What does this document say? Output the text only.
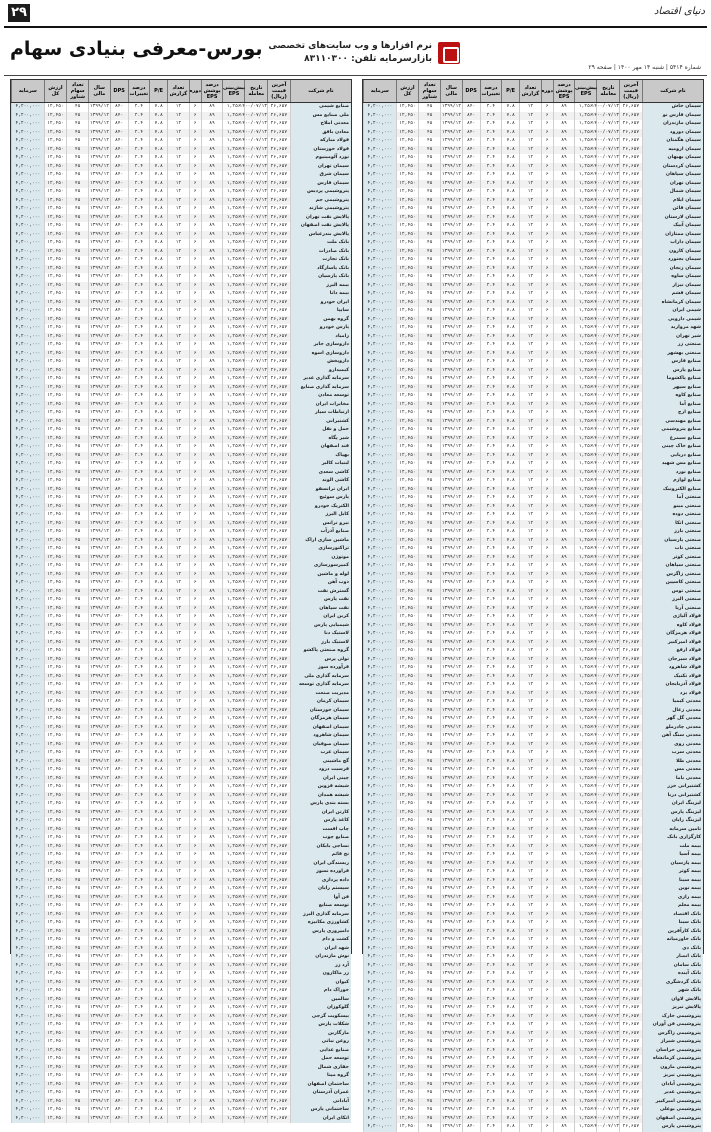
دنیای اقتصاد
۲۹
بورس-معرفی بنیادی سهام نرم افزارها و وب سایت‌های تخصصی
بازارسرمایه تلفن: ۸۳۱۱۰۳۰۰
شماره ۵۴۱۴ | شنبه ۱۴ مهر ۱۴۰۰ | صفحه ۲۹
نام شرکت
آخرین قیمت (ریال)
تاریخ معامله
پیش‌بینی EPS
درصد پوشش EPS
دوره
تعداد گزارش
P/E
درصد تغییرات
DPS
سال مالی
تعداد سهام شناور
ارزش کل
سرمایه
صنایع شیمی
۲۶,۶۵۷
۱۴۰۰/۰۷/۱۳
۱,۲۵۶
۸۹
۶
۱۲
۷.۸
۲.۴
۸۴۰
۱۳۹۹/۱۲
۴۵
۱۲,۴۵۰
۴,۲۰۰,۰۰۰
ملی صنایع مس
۲۶,۶۵۷
۱۴۰۰/۰۷/۱۳
۱,۲۵۶
۸۹
۶
۱۲
۷.۸
۲.۴
۸۴۰
۱۳۹۹/۱۲
۴۵
۱۲,۴۵۰
۴,۲۰۰,۰۰۰
معدنی املاح
۲۶,۶۵۷
۱۴۰۰/۰۷/۱۳
۱,۲۵۶
۸۹
۶
۱۲
۷.۸
۲.۴
۸۴۰
۱۳۹۹/۱۲
۴۵
۱۲,۴۵۰
۴,۲۰۰,۰۰۰
معادن بافق
۲۶,۶۵۷
۱۴۰۰/۰۷/۱۳
۱,۲۵۶
۸۹
۶
۱۲
۷.۸
۲.۴
۸۴۰
۱۳۹۹/۱۲
۴۵
۱۲,۴۵۰
۴,۲۰۰,۰۰۰
فولاد مبارکه
۲۶,۶۵۷
۱۴۰۰/۰۷/۱۳
۱,۲۵۶
۸۹
۶
۱۲
۷.۸
۲.۴
۸۴۰
۱۳۹۹/۱۲
۴۵
۱۲,۴۵۰
۴,۲۰۰,۰۰۰
فولاد خوزستان
۲۶,۶۵۷
۱۴۰۰/۰۷/۱۳
۱,۲۵۶
۸۹
۶
۱۲
۷.۸
۲.۴
۸۴۰
۱۳۹۹/۱۲
۴۵
۱۲,۴۵۰
۴,۲۰۰,۰۰۰
نورد آلومینیوم
۲۶,۶۵۷
۱۴۰۰/۰۷/۱۳
۱,۲۵۶
۸۹
۶
۱۲
۷.۸
۲.۴
۸۴۰
۱۳۹۹/۱۲
۴۵
۱۲,۴۵۰
۴,۲۰۰,۰۰۰
سیمان تهران
۲۶,۶۵۷
۱۴۰۰/۰۷/۱۳
۱,۲۵۶
۸۹
۶
۱۲
۷.۸
۲.۴
۸۴۰
۱۳۹۹/۱۲
۴۵
۱۲,۴۵۰
۴,۲۰۰,۰۰۰
سیمان شرق
۲۶,۶۵۷
۱۴۰۰/۰۷/۱۳
۱,۲۵۶
۸۹
۶
۱۲
۷.۸
۲.۴
۸۴۰
۱۳۹۹/۱۲
۴۵
۱۲,۴۵۰
۴,۲۰۰,۰۰۰
سیمان فارس
۲۶,۶۵۷
۱۴۰۰/۰۷/۱۳
۱,۲۵۶
۸۹
۶
۱۲
۷.۸
۲.۴
۸۴۰
۱۳۹۹/۱۲
۴۵
۱۲,۴۵۰
۴,۲۰۰,۰۰۰
پتروشیمی پردیس
۲۶,۶۵۷
۱۴۰۰/۰۷/۱۳
۱,۲۵۶
۸۹
۶
۱۲
۷.۸
۲.۴
۸۴۰
۱۳۹۹/۱۲
۴۵
۱۲,۴۵۰
۴,۲۰۰,۰۰۰
پتروشیمی جم
۲۶,۶۵۷
۱۴۰۰/۰۷/۱۳
۱,۲۵۶
۸۹
۶
۱۲
۷.۸
۲.۴
۸۴۰
۱۳۹۹/۱۲
۴۵
۱۲,۴۵۰
۴,۲۰۰,۰۰۰
پتروشیمی شازند
۲۶,۶۵۷
۱۴۰۰/۰۷/۱۳
۱,۲۵۶
۸۹
۶
۱۲
۷.۸
۲.۴
۸۴۰
۱۳۹۹/۱۲
۴۵
۱۲,۴۵۰
۴,۲۰۰,۰۰۰
پالایش نفت تهران
۲۶,۶۵۷
۱۴۰۰/۰۷/۱۳
۱,۲۵۶
۸۹
۶
۱۲
۷.۸
۲.۴
۸۴۰
۱۳۹۹/۱۲
۴۵
۱۲,۴۵۰
۴,۲۰۰,۰۰۰
پالایش نفت اصفهان
۲۶,۶۵۷
۱۴۰۰/۰۷/۱۳
۱,۲۵۶
۸۹
۶
۱۲
۷.۸
۲.۴
۸۴۰
۱۳۹۹/۱۲
۴۵
۱۲,۴۵۰
۴,۲۰۰,۰۰۰
پالایش بندرعباس
۲۶,۶۵۷
۱۴۰۰/۰۷/۱۳
۱,۲۵۶
۸۹
۶
۱۲
۷.۸
۲.۴
۸۴۰
۱۳۹۹/۱۲
۴۵
۱۲,۴۵۰
۴,۲۰۰,۰۰۰
بانک ملت
۲۶,۶۵۷
۱۴۰۰/۰۷/۱۳
۱,۲۵۶
۸۹
۶
۱۲
۷.۸
۲.۴
۸۴۰
۱۳۹۹/۱۲
۴۵
۱۲,۴۵۰
۴,۲۰۰,۰۰۰
بانک صادرات
۲۶,۶۵۷
۱۴۰۰/۰۷/۱۳
۱,۲۵۶
۸۹
۶
۱۲
۷.۸
۲.۴
۸۴۰
۱۳۹۹/۱۲
۴۵
۱۲,۴۵۰
۴,۲۰۰,۰۰۰
بانک تجارت
۲۶,۶۵۷
۱۴۰۰/۰۷/۱۳
۱,۲۵۶
۸۹
۶
۱۲
۷.۸
۲.۴
۸۴۰
۱۳۹۹/۱۲
۴۵
۱۲,۴۵۰
۴,۲۰۰,۰۰۰
بانک پاسارگاد
۲۶,۶۵۷
۱۴۰۰/۰۷/۱۳
۱,۲۵۶
۸۹
۶
۱۲
۷.۸
۲.۴
۸۴۰
۱۳۹۹/۱۲
۴۵
۱۲,۴۵۰
۴,۲۰۰,۰۰۰
بانک پارسیان
۲۶,۶۵۷
۱۴۰۰/۰۷/۱۳
۱,۲۵۶
۸۹
۶
۱۲
۷.۸
۲.۴
۸۴۰
۱۳۹۹/۱۲
۴۵
۱۲,۴۵۰
۴,۲۰۰,۰۰۰
بیمه البرز
۲۶,۶۵۷
۱۴۰۰/۰۷/۱۳
۱,۲۵۶
۸۹
۶
۱۲
۷.۸
۲.۴
۸۴۰
۱۳۹۹/۱۲
۴۵
۱۲,۴۵۰
۴,۲۰۰,۰۰۰
بیمه دانا
۲۶,۶۵۷
۱۴۰۰/۰۷/۱۳
۱,۲۵۶
۸۹
۶
۱۲
۷.۸
۲.۴
۸۴۰
۱۳۹۹/۱۲
۴۵
۱۲,۴۵۰
۴,۲۰۰,۰۰۰
ایران خودرو
۲۶,۶۵۷
۱۴۰۰/۰۷/۱۳
۱,۲۵۶
۸۹
۶
۱۲
۷.۸
۲.۴
۸۴۰
۱۳۹۹/۱۲
۴۵
۱۲,۴۵۰
۴,۲۰۰,۰۰۰
سایپا
۲۶,۶۵۷
۱۴۰۰/۰۷/۱۳
۱,۲۵۶
۸۹
۶
۱۲
۷.۸
۲.۴
۸۴۰
۱۳۹۹/۱۲
۴۵
۱۲,۴۵۰
۴,۲۰۰,۰۰۰
گروه بهمن
۲۶,۶۵۷
۱۴۰۰/۰۷/۱۳
۱,۲۵۶
۸۹
۶
۱۲
۷.۸
۲.۴
۸۴۰
۱۳۹۹/۱۲
۴۵
۱۲,۴۵۰
۴,۲۰۰,۰۰۰
پارس خودرو
۲۶,۶۵۷
۱۴۰۰/۰۷/۱۳
۱,۲۵۶
۸۹
۶
۱۲
۷.۸
۲.۴
۸۴۰
۱۳۹۹/۱۲
۴۵
۱۲,۴۵۰
۴,۲۰۰,۰۰۰
زامیاد
۲۶,۶۵۷
۱۴۰۰/۰۷/۱۳
۱,۲۵۶
۸۹
۶
۱۲
۷.۸
۲.۴
۸۴۰
۱۳۹۹/۱۲
۴۵
۱۲,۴۵۰
۴,۲۰۰,۰۰۰
داروسازی جابر
۲۶,۶۵۷
۱۴۰۰/۰۷/۱۳
۱,۲۵۶
۸۹
۶
۱۲
۷.۸
۲.۴
۸۴۰
۱۳۹۹/۱۲
۴۵
۱۲,۴۵۰
۴,۲۰۰,۰۰۰
داروسازی اسوه
۲۶,۶۵۷
۱۴۰۰/۰۷/۱۳
۱,۲۵۶
۸۹
۶
۱۲
۷.۸
۲.۴
۸۴۰
۱۳۹۹/۱۲
۴۵
۱۲,۴۵۰
۴,۲۰۰,۰۰۰
داروپخش
۲۶,۶۵۷
۱۴۰۰/۰۷/۱۳
۱,۲۵۶
۸۹
۶
۱۲
۷.۸
۲.۴
۸۴۰
۱۳۹۹/۱۲
۴۵
۱۲,۴۵۰
۴,۲۰۰,۰۰۰
کیمیدارو
۲۶,۶۵۷
۱۴۰۰/۰۷/۱۳
۱,۲۵۶
۸۹
۶
۱۲
۷.۸
۲.۴
۸۴۰
۱۳۹۹/۱۲
۴۵
۱۲,۴۵۰
۴,۲۰۰,۰۰۰
سرمایه گذاری غدیر
۲۶,۶۵۷
۱۴۰۰/۰۷/۱۳
۱,۲۵۶
۸۹
۶
۱۲
۷.۸
۲.۴
۸۴۰
۱۳۹۹/۱۲
۴۵
۱۲,۴۵۰
۴,۲۰۰,۰۰۰
سرمایه گذاری صنایع
۲۶,۶۵۷
۱۴۰۰/۰۷/۱۳
۱,۲۵۶
۸۹
۶
۱۲
۷.۸
۲.۴
۸۴۰
۱۳۹۹/۱۲
۴۵
۱۲,۴۵۰
۴,۲۰۰,۰۰۰
توسعه معادن
۲۶,۶۵۷
۱۴۰۰/۰۷/۱۳
۱,۲۵۶
۸۹
۶
۱۲
۷.۸
۲.۴
۸۴۰
۱۳۹۹/۱۲
۴۵
۱۲,۴۵۰
۴,۲۰۰,۰۰۰
مخابرات ایران
۲۶,۶۵۷
۱۴۰۰/۰۷/۱۳
۱,۲۵۶
۸۹
۶
۱۲
۷.۸
۲.۴
۸۴۰
۱۳۹۹/۱۲
۴۵
۱۲,۴۵۰
۴,۲۰۰,۰۰۰
ارتباطات سیار
۲۶,۶۵۷
۱۴۰۰/۰۷/۱۳
۱,۲۵۶
۸۹
۶
۱۲
۷.۸
۲.۴
۸۴۰
۱۳۹۹/۱۲
۴۵
۱۲,۴۵۰
۴,۲۰۰,۰۰۰
کشتیرانی
۲۶,۶۵۷
۱۴۰۰/۰۷/۱۳
۱,۲۵۶
۸۹
۶
۱۲
۷.۸
۲.۴
۸۴۰
۱۳۹۹/۱۲
۴۵
۱۲,۴۵۰
۴,۲۰۰,۰۰۰
حمل و نقل
۲۶,۶۵۷
۱۴۰۰/۰۷/۱۳
۱,۲۵۶
۸۹
۶
۱۲
۷.۸
۲.۴
۸۴۰
۱۳۹۹/۱۲
۴۵
۱۲,۴۵۰
۴,۲۰۰,۰۰۰
شیر پگاه
۲۶,۶۵۷
۱۴۰۰/۰۷/۱۳
۱,۲۵۶
۸۹
۶
۱۲
۷.۸
۲.۴
۸۴۰
۱۳۹۹/۱۲
۴۵
۱۲,۴۵۰
۴,۲۰۰,۰۰۰
قند اصفهان
۲۶,۶۵۷
۱۴۰۰/۰۷/۱۳
۱,۲۵۶
۸۹
۶
۱۲
۷.۸
۲.۴
۸۴۰
۱۳۹۹/۱۲
۴۵
۱۲,۴۵۰
۴,۲۰۰,۰۰۰
بهپاک
۲۶,۶۵۷
۱۴۰۰/۰۷/۱۳
۱,۲۵۶
۸۹
۶
۱۲
۷.۸
۲.۴
۸۴۰
۱۳۹۹/۱۲
۴۵
۱۲,۴۵۰
۴,۲۰۰,۰۰۰
لبنیات کالبر
۲۶,۶۵۷
۱۴۰۰/۰۷/۱۳
۱,۲۵۶
۸۹
۶
۱۲
۷.۸
۲.۴
۸۴۰
۱۳۹۹/۱۲
۴۵
۱۲,۴۵۰
۴,۲۰۰,۰۰۰
کاشی سعدی
۲۶,۶۵۷
۱۴۰۰/۰۷/۱۳
۱,۲۵۶
۸۹
۶
۱۲
۷.۸
۲.۴
۸۴۰
۱۳۹۹/۱۲
۴۵
۱۲,۴۵۰
۴,۲۰۰,۰۰۰
کاشی الوند
۲۶,۶۵۷
۱۴۰۰/۰۷/۱۳
۱,۲۵۶
۸۹
۶
۱۲
۷.۸
۲.۴
۸۴۰
۱۳۹۹/۱۲
۴۵
۱۲,۴۵۰
۴,۲۰۰,۰۰۰
ایران ترانسفو
۲۶,۶۵۷
۱۴۰۰/۰۷/۱۳
۱,۲۵۶
۸۹
۶
۱۲
۷.۸
۲.۴
۸۴۰
۱۳۹۹/۱۲
۴۵
۱۲,۴۵۰
۴,۲۰۰,۰۰۰
پارس سوئیچ
۲۶,۶۵۷
۱۴۰۰/۰۷/۱۳
۱,۲۵۶
۸۹
۶
۱۲
۷.۸
۲.۴
۸۴۰
۱۳۹۹/۱۲
۴۵
۱۲,۴۵۰
۴,۲۰۰,۰۰۰
الکتریک خودرو
۲۶,۶۵۷
۱۴۰۰/۰۷/۱۳
۱,۲۵۶
۸۹
۶
۱۲
۷.۸
۲.۴
۸۴۰
۱۳۹۹/۱۲
۴۵
۱۲,۴۵۰
۴,۲۰۰,۰۰۰
کابل البرز
۲۶,۶۵۷
۱۴۰۰/۰۷/۱۳
۱,۲۵۶
۸۹
۶
۱۲
۷.۸
۲.۴
۸۴۰
۱۳۹۹/۱۲
۴۵
۱۲,۴۵۰
۴,۲۰۰,۰۰۰
نیرو ترانس
۲۶,۶۵۷
۱۴۰۰/۰۷/۱۳
۱,۲۵۶
۸۹
۶
۱۲
۷.۸
۲.۴
۸۴۰
۱۳۹۹/۱۲
۴۵
۱۲,۴۵۰
۴,۲۰۰,۰۰۰
صنایع آذرآب
۲۶,۶۵۷
۱۴۰۰/۰۷/۱۳
۱,۲۵۶
۸۹
۶
۱۲
۷.۸
۲.۴
۸۴۰
۱۳۹۹/۱۲
۴۵
۱۲,۴۵۰
۴,۲۰۰,۰۰۰
ماشین سازی اراک
۲۶,۶۵۷
۱۴۰۰/۰۷/۱۳
۱,۲۵۶
۸۹
۶
۱۲
۷.۸
۲.۴
۸۴۰
۱۳۹۹/۱۲
۴۵
۱۲,۴۵۰
۴,۲۰۰,۰۰۰
تراکتورسازی
۲۶,۶۵۷
۱۴۰۰/۰۷/۱۳
۱,۲۵۶
۸۹
۶
۱۲
۷.۸
۲.۴
۸۴۰
۱۳۹۹/۱۲
۴۵
۱۲,۴۵۰
۴,۲۰۰,۰۰۰
موتوژن
۲۶,۶۵۷
۱۴۰۰/۰۷/۱۳
۱,۲۵۶
۸۹
۶
۱۲
۷.۸
۲.۴
۸۴۰
۱۳۹۹/۱۲
۴۵
۱۲,۴۵۰
۴,۲۰۰,۰۰۰
کمپرسورسازی
۲۶,۶۵۷
۱۴۰۰/۰۷/۱۳
۱,۲۵۶
۸۹
۶
۱۲
۷.۸
۲.۴
۸۴۰
۱۳۹۹/۱۲
۴۵
۱۲,۴۵۰
۴,۲۰۰,۰۰۰
لوله و ماشین
۲۶,۶۵۷
۱۴۰۰/۰۷/۱۳
۱,۲۵۶
۸۹
۶
۱۲
۷.۸
۲.۴
۸۴۰
۱۳۹۹/۱۲
۴۵
۱۲,۴۵۰
۴,۲۰۰,۰۰۰
ذوب آهن
۲۶,۶۵۷
۱۴۰۰/۰۷/۱۳
۱,۲۵۶
۸۹
۶
۱۲
۷.۸
۲.۴
۸۴۰
۱۳۹۹/۱۲
۴۵
۱۲,۴۵۰
۴,۲۰۰,۰۰۰
گسترش نفت
۲۶,۶۵۷
۱۴۰۰/۰۷/۱۳
۱,۲۵۶
۸۹
۶
۱۲
۷.۸
۲.۴
۸۴۰
۱۳۹۹/۱۲
۴۵
۱۲,۴۵۰
۴,۲۰۰,۰۰۰
نفت پارس
۲۶,۶۵۷
۱۴۰۰/۰۷/۱۳
۱,۲۵۶
۸۹
۶
۱۲
۷.۸
۲.۴
۸۴۰
۱۳۹۹/۱۲
۴۵
۱۲,۴۵۰
۴,۲۰۰,۰۰۰
نفت سپاهان
۲۶,۶۵۷
۱۴۰۰/۰۷/۱۳
۱,۲۵۶
۸۹
۶
۱۲
۷.۸
۲.۴
۸۴۰
۱۳۹۹/۱۲
۴۵
۱۲,۴۵۰
۴,۲۰۰,۰۰۰
کربن ایران
۲۶,۶۵۷
۱۴۰۰/۰۷/۱۳
۱,۲۵۶
۸۹
۶
۱۲
۷.۸
۲.۴
۸۴۰
۱۳۹۹/۱۲
۴۵
۱۲,۴۵۰
۴,۲۰۰,۰۰۰
شیمیایی پارس
۲۶,۶۵۷
۱۴۰۰/۰۷/۱۳
۱,۲۵۶
۸۹
۶
۱۲
۷.۸
۲.۴
۸۴۰
۱۳۹۹/۱۲
۴۵
۱۲,۴۵۰
۴,۲۰۰,۰۰۰
لاستیک دنا
۲۶,۶۵۷
۱۴۰۰/۰۷/۱۳
۱,۲۵۶
۸۹
۶
۱۲
۷.۸
۲.۴
۸۴۰
۱۳۹۹/۱۲
۴۵
۱۲,۴۵۰
۴,۲۰۰,۰۰۰
لاستیک بارز
۲۶,۶۵۷
۱۴۰۰/۰۷/۱۳
۱,۲۵۶
۸۹
۶
۱۲
۷.۸
۲.۴
۸۴۰
۱۳۹۹/۱۲
۴۵
۱۲,۴۵۰
۴,۲۰۰,۰۰۰
گروه صنعتی پاکشو
۲۶,۶۵۷
۱۴۰۰/۰۷/۱۳
۱,۲۵۶
۸۹
۶
۱۲
۷.۸
۲.۴
۸۴۰
۱۳۹۹/۱۲
۴۵
۱۲,۴۵۰
۴,۲۰۰,۰۰۰
تولی پرس
۲۶,۶۵۷
۱۴۰۰/۰۷/۱۳
۱,۲۵۶
۸۹
۶
۱۲
۷.۸
۲.۴
۸۴۰
۱۳۹۹/۱۲
۴۵
۱۲,۴۵۰
۴,۲۰۰,۰۰۰
فرآورده سوز
۲۶,۶۵۷
۱۴۰۰/۰۷/۱۳
۱,۲۵۶
۸۹
۶
۱۲
۷.۸
۲.۴
۸۴۰
۱۳۹۹/۱۲
۴۵
۱۲,۴۵۰
۴,۲۰۰,۰۰۰
سرمایه گذاری ملی
۲۶,۶۵۷
۱۴۰۰/۰۷/۱۳
۱,۲۵۶
۸۹
۶
۱۲
۷.۸
۲.۴
۸۴۰
۱۳۹۹/۱۲
۴۵
۱۲,۴۵۰
۴,۲۰۰,۰۰۰
سرمایه گذاری توسعه
۲۶,۶۵۷
۱۴۰۰/۰۷/۱۳
۱,۲۵۶
۸۹
۶
۱۲
۷.۸
۲.۴
۸۴۰
۱۳۹۹/۱۲
۴۵
۱۲,۴۵۰
۴,۲۰۰,۰۰۰
مدیریت صنعت
۲۶,۶۵۷
۱۴۰۰/۰۷/۱۳
۱,۲۵۶
۸۹
۶
۱۲
۷.۸
۲.۴
۸۴۰
۱۳۹۹/۱۲
۴۵
۱۲,۴۵۰
۴,۲۰۰,۰۰۰
سیمان کرمان
۲۶,۶۵۷
۱۴۰۰/۰۷/۱۳
۱,۲۵۶
۸۹
۶
۱۲
۷.۸
۲.۴
۸۴۰
۱۳۹۹/۱۲
۴۵
۱۲,۴۵۰
۴,۲۰۰,۰۰۰
سیمان خوزستان
۲۶,۶۵۷
۱۴۰۰/۰۷/۱۳
۱,۲۵۶
۸۹
۶
۱۲
۷.۸
۲.۴
۸۴۰
۱۳۹۹/۱۲
۴۵
۱۲,۴۵۰
۴,۲۰۰,۰۰۰
سیمان هرمزگان
۲۶,۶۵۷
۱۴۰۰/۰۷/۱۳
۱,۲۵۶
۸۹
۶
۱۲
۷.۸
۲.۴
۸۴۰
۱۳۹۹/۱۲
۴۵
۱۲,۴۵۰
۴,۲۰۰,۰۰۰
سیمان اصفهان
۲۶,۶۵۷
۱۴۰۰/۰۷/۱۳
۱,۲۵۶
۸۹
۶
۱۲
۷.۸
۲.۴
۸۴۰
۱۳۹۹/۱۲
۴۵
۱۲,۴۵۰
۴,۲۰۰,۰۰۰
سیمان شاهرود
۲۶,۶۵۷
۱۴۰۰/۰۷/۱۳
۱,۲۵۶
۸۹
۶
۱۲
۷.۸
۲.۴
۸۴۰
۱۳۹۹/۱۲
۴۵
۱۲,۴۵۰
۴,۲۰۰,۰۰۰
سیمان صوفیان
۲۶,۶۵۷
۱۴۰۰/۰۷/۱۳
۱,۲۵۶
۸۹
۶
۱۲
۷.۸
۲.۴
۸۴۰
۱۳۹۹/۱۲
۴۵
۱۲,۴۵۰
۴,۲۰۰,۰۰۰
سیمان غرب
۲۶,۶۵۷
۱۴۰۰/۰۷/۱۳
۱,۲۵۶
۸۹
۶
۱۲
۷.۸
۲.۴
۸۴۰
۱۳۹۹/۱۲
۴۵
۱۲,۴۵۰
۴,۲۰۰,۰۰۰
گچ ماشینی
۲۶,۶۵۷
۱۴۰۰/۰۷/۱۳
۱,۲۵۶
۸۹
۶
۱۲
۷.۸
۲.۴
۸۴۰
۱۳۹۹/۱۲
۴۵
۱۲,۴۵۰
۴,۲۰۰,۰۰۰
فرسیت درود
۲۶,۶۵۷
۱۴۰۰/۰۷/۱۳
۱,۲۵۶
۸۹
۶
۱۲
۷.۸
۲.۴
۸۴۰
۱۳۹۹/۱۲
۴۵
۱۲,۴۵۰
۴,۲۰۰,۰۰۰
چینی ایران
۲۶,۶۵۷
۱۴۰۰/۰۷/۱۳
۱,۲۵۶
۸۹
۶
۱۲
۷.۸
۲.۴
۸۴۰
۱۳۹۹/۱۲
۴۵
۱۲,۴۵۰
۴,۲۰۰,۰۰۰
شیشه قزوین
۲۶,۶۵۷
۱۴۰۰/۰۷/۱۳
۱,۲۵۶
۸۹
۶
۱۲
۷.۸
۲.۴
۸۴۰
۱۳۹۹/۱۲
۴۵
۱۲,۴۵۰
۴,۲۰۰,۰۰۰
شیشه همدان
۲۶,۶۵۷
۱۴۰۰/۰۷/۱۳
۱,۲۵۶
۸۹
۶
۱۲
۷.۸
۲.۴
۸۴۰
۱۳۹۹/۱۲
۴۵
۱۲,۴۵۰
۴,۲۰۰,۰۰۰
بسته بندی پارس
۲۶,۶۵۷
۱۴۰۰/۰۷/۱۳
۱,۲۵۶
۸۹
۶
۱۲
۷.۸
۲.۴
۸۴۰
۱۳۹۹/۱۲
۴۵
۱۲,۴۵۰
۴,۲۰۰,۰۰۰
کارتن ایران
۲۶,۶۵۷
۱۴۰۰/۰۷/۱۳
۱,۲۵۶
۸۹
۶
۱۲
۷.۸
۲.۴
۸۴۰
۱۳۹۹/۱۲
۴۵
۱۲,۴۵۰
۴,۲۰۰,۰۰۰
کاغذ پارس
۲۶,۶۵۷
۱۴۰۰/۰۷/۱۳
۱,۲۵۶
۸۹
۶
۱۲
۷.۸
۲.۴
۸۴۰
۱۳۹۹/۱۲
۴۵
۱۲,۴۵۰
۴,۲۰۰,۰۰۰
چاپ افست
۲۶,۶۵۷
۱۴۰۰/۰۷/۱۳
۱,۲۵۶
۸۹
۶
۱۲
۷.۸
۲.۴
۸۴۰
۱۳۹۹/۱۲
۴۵
۱۲,۴۵۰
۴,۲۰۰,۰۰۰
صنایع چوب
۲۶,۶۵۷
۱۴۰۰/۰۷/۱۳
۱,۲۵۶
۸۹
۶
۱۲
۷.۸
۲.۴
۸۴۰
۱۳۹۹/۱۲
۴۵
۱۲,۴۵۰
۴,۲۰۰,۰۰۰
نساجی بابکان
۲۶,۶۵۷
۱۴۰۰/۰۷/۱۳
۱,۲۵۶
۸۹
۶
۱۲
۷.۸
۲.۴
۸۴۰
۱۳۹۹/۱۲
۴۵
۱۲,۴۵۰
۴,۲۰۰,۰۰۰
نخ قائم
۲۶,۶۵۷
۱۴۰۰/۰۷/۱۳
۱,۲۵۶
۸۹
۶
۱۲
۷.۸
۲.۴
۸۴۰
۱۳۹۹/۱۲
۴۵
۱۲,۴۵۰
۴,۲۰۰,۰۰۰
ریسندگی ایران
۲۶,۶۵۷
۱۴۰۰/۰۷/۱۳
۱,۲۵۶
۸۹
۶
۱۲
۷.۸
۲.۴
۸۴۰
۱۳۹۹/۱۲
۴۵
۱۲,۴۵۰
۴,۲۰۰,۰۰۰
فراورده نسوز
۲۶,۶۵۷
۱۴۰۰/۰۷/۱۳
۱,۲۵۶
۸۹
۶
۱۲
۷.۸
۲.۴
۸۴۰
۱۳۹۹/۱۲
۴۵
۱۲,۴۵۰
۴,۲۰۰,۰۰۰
داده پردازی
۲۶,۶۵۷
۱۴۰۰/۰۷/۱۳
۱,۲۵۶
۸۹
۶
۱۲
۷.۸
۲.۴
۸۴۰
۱۳۹۹/۱۲
۴۵
۱۲,۴۵۰
۴,۲۰۰,۰۰۰
سیستم رایان
۲۶,۶۵۷
۱۴۰۰/۰۷/۱۳
۱,۲۵۶
۸۹
۶
۱۲
۷.۸
۲.۴
۸۴۰
۱۳۹۹/۱۲
۴۵
۱۲,۴۵۰
۴,۲۰۰,۰۰۰
فن آوا
۲۶,۶۵۷
۱۴۰۰/۰۷/۱۳
۱,۲۵۶
۸۹
۶
۱۲
۷.۸
۲.۴
۸۴۰
۱۳۹۹/۱۲
۴۵
۱۲,۴۵۰
۴,۲۰۰,۰۰۰
توسعه صنایع
۲۶,۶۵۷
۱۴۰۰/۰۷/۱۳
۱,۲۵۶
۸۹
۶
۱۲
۷.۸
۲.۴
۸۴۰
۱۳۹۹/۱۲
۴۵
۱۲,۴۵۰
۴,۲۰۰,۰۰۰
سرمایه گذاری البرز
۲۶,۶۵۷
۱۴۰۰/۰۷/۱۳
۱,۲۵۶
۸۹
۶
۱۲
۷.۸
۲.۴
۸۴۰
۱۳۹۹/۱۲
۴۵
۱۲,۴۵۰
۴,۲۰۰,۰۰۰
کشاورزی مکانیزه
۲۶,۶۵۷
۱۴۰۰/۰۷/۱۳
۱,۲۵۶
۸۹
۶
۱۲
۷.۸
۲.۴
۸۴۰
۱۳۹۹/۱۲
۴۵
۱۲,۴۵۰
۴,۲۰۰,۰۰۰
دامپروری پارس
۲۶,۶۵۷
۱۴۰۰/۰۷/۱۳
۱,۲۵۶
۸۹
۶
۱۲
۷.۸
۲.۴
۸۴۰
۱۳۹۹/۱۲
۴۵
۱۲,۴۵۰
۴,۲۰۰,۰۰۰
کشت و دام
۲۶,۶۵۷
۱۴۰۰/۰۷/۱۳
۱,۲۵۶
۸۹
۶
۱۲
۷.۸
۲.۴
۸۴۰
۱۳۹۹/۱۲
۴۵
۱۲,۴۵۰
۴,۲۰۰,۰۰۰
شهد ایران
۲۶,۶۵۷
۱۴۰۰/۰۷/۱۳
۱,۲۵۶
۸۹
۶
۱۲
۷.۸
۲.۴
۸۴۰
۱۳۹۹/۱۲
۴۵
۱۲,۴۵۰
۴,۲۰۰,۰۰۰
نوش مازندران
۲۶,۶۵۷
۱۴۰۰/۰۷/۱۳
۱,۲۵۶
۸۹
۶
۱۲
۷.۸
۲.۴
۸۴۰
۱۳۹۹/۱۲
۴۵
۱۲,۴۵۰
۴,۲۰۰,۰۰۰
آرد زر
۲۶,۶۵۷
۱۴۰۰/۰۷/۱۳
۱,۲۵۶
۸۹
۶
۱۲
۷.۸
۲.۴
۸۴۰
۱۳۹۹/۱۲
۴۵
۱۲,۴۵۰
۴,۲۰۰,۰۰۰
زر ماکارون
۲۶,۶۵۷
۱۴۰۰/۰۷/۱۳
۱,۲۵۶
۸۹
۶
۱۲
۷.۸
۲.۴
۸۴۰
۱۳۹۹/۱۲
۴۵
۱۲,۴۵۰
۴,۲۰۰,۰۰۰
کیوان
۲۶,۶۵۷
۱۴۰۰/۰۷/۱۳
۱,۲۵۶
۸۹
۶
۱۲
۷.۸
۲.۴
۸۴۰
۱۳۹۹/۱۲
۴۵
۱۲,۴۵۰
۴,۲۰۰,۰۰۰
خوراک دام
۲۶,۶۵۷
۱۴۰۰/۰۷/۱۳
۱,۲۵۶
۸۹
۶
۱۲
۷.۸
۲.۴
۸۴۰
۱۳۹۹/۱۲
۴۵
۱۲,۴۵۰
۴,۲۰۰,۰۰۰
سالمین
۲۶,۶۵۷
۱۴۰۰/۰۷/۱۳
۱,۲۵۶
۸۹
۶
۱۲
۷.۸
۲.۴
۸۴۰
۱۳۹۹/۱۲
۴۵
۱۲,۴۵۰
۴,۲۰۰,۰۰۰
گلوکوزان
۲۶,۶۵۷
۱۴۰۰/۰۷/۱۳
۱,۲۵۶
۸۹
۶
۱۲
۷.۸
۲.۴
۸۴۰
۱۳۹۹/۱۲
۴۵
۱۲,۴۵۰
۴,۲۰۰,۰۰۰
بیسکویت گرجی
۲۶,۶۵۷
۱۴۰۰/۰۷/۱۳
۱,۲۵۶
۸۹
۶
۱۲
۷.۸
۲.۴
۸۴۰
۱۳۹۹/۱۲
۴۵
۱۲,۴۵۰
۴,۲۰۰,۰۰۰
شکلات پارس
۲۶,۶۵۷
۱۴۰۰/۰۷/۱۳
۱,۲۵۶
۸۹
۶
۱۲
۷.۸
۲.۴
۸۴۰
۱۳۹۹/۱۲
۴۵
۱۲,۴۵۰
۴,۲۰۰,۰۰۰
مارگارین
۲۶,۶۵۷
۱۴۰۰/۰۷/۱۳
۱,۲۵۶
۸۹
۶
۱۲
۷.۸
۲.۴
۸۴۰
۱۳۹۹/۱۲
۴۵
۱۲,۴۵۰
۴,۲۰۰,۰۰۰
روغن نباتی
۲۶,۶۵۷
۱۴۰۰/۰۷/۱۳
۱,۲۵۶
۸۹
۶
۱۲
۷.۸
۲.۴
۸۴۰
۱۳۹۹/۱۲
۴۵
۱۲,۴۵۰
۴,۲۰۰,۰۰۰
صنایع غذایی
۲۶,۶۵۷
۱۴۰۰/۰۷/۱۳
۱,۲۵۶
۸۹
۶
۱۲
۷.۸
۲.۴
۸۴۰
۱۳۹۹/۱۲
۴۵
۱۲,۴۵۰
۴,۲۰۰,۰۰۰
توسعه حمل
۲۶,۶۵۷
۱۴۰۰/۰۷/۱۳
۱,۲۵۶
۸۹
۶
۱۲
۷.۸
۲.۴
۸۴۰
۱۳۹۹/۱۲
۴۵
۱۲,۴۵۰
۴,۲۰۰,۰۰۰
حفاری شمال
۲۶,۶۵۷
۱۴۰۰/۰۷/۱۳
۱,۲۵۶
۸۹
۶
۱۲
۷.۸
۲.۴
۸۴۰
۱۳۹۹/۱۲
۴۵
۱۲,۴۵۰
۴,۲۰۰,۰۰۰
گروه مپنا
۲۶,۶۵۷
۱۴۰۰/۰۷/۱۳
۱,۲۵۶
۸۹
۶
۱۲
۷.۸
۲.۴
۸۴۰
۱۳۹۹/۱۲
۴۵
۱۲,۴۵۰
۴,۲۰۰,۰۰۰
ساختمان اصفهان
۲۶,۶۵۷
۱۴۰۰/۰۷/۱۳
۱,۲۵۶
۸۹
۶
۱۲
۷.۸
۲.۴
۸۴۰
۱۳۹۹/۱۲
۴۵
۱۲,۴۵۰
۴,۲۰۰,۰۰۰
عمران آذرستان
۲۶,۶۵۷
۱۴۰۰/۰۷/۱۳
۱,۲۵۶
۸۹
۶
۱۲
۷.۸
۲.۴
۸۴۰
۱۳۹۹/۱۲
۴۵
۱۲,۴۵۰
۴,۲۰۰,۰۰۰
آبادانی
۲۶,۶۵۷
۱۴۰۰/۰۷/۱۳
۱,۲۵۶
۸۹
۶
۱۲
۷.۸
۲.۴
۸۴۰
۱۳۹۹/۱۲
۴۵
۱۲,۴۵۰
۴,۲۰۰,۰۰۰
ساختمانی پارس
۲۶,۶۵۷
۱۴۰۰/۰۷/۱۳
۱,۲۵۶
۸۹
۶
۱۲
۷.۸
۲.۴
۸۴۰
۱۳۹۹/۱۲
۴۵
۱۲,۴۵۰
۴,۲۰۰,۰۰۰
اتکای ایران
۲۶,۶۵۷
۱۴۰۰/۰۷/۱۳
۱,۲۵۶
۸۹
۶
۱۲
۷.۸
۲.۴
۸۴۰
۱۳۹۹/۱۲
۴۵
۱۲,۴۵۰
۴,۲۰۰,۰۰۰
نام شرکت
آخرین قیمت (ریال)
تاریخ معامله
پیش‌بینی EPS
درصد پوشش EPS
دوره
تعداد گزارش
P/E
درصد تغییرات
DPS
سال مالی
تعداد سهام شناور
ارزش کل
سرمایه
سیمان خاش
۲۶,۶۵۷
۱۴۰۰/۰۷/۱۳
۱,۲۵۶
۸۹
۶
۱۲
۷.۸
۲.۴
۸۴۰
۱۳۹۹/۱۲
۴۵
۱۲,۴۵۰
۴,۲۰۰,۰۰۰
سیمان فارس نو
۲۶,۶۵۷
۱۴۰۰/۰۷/۱۳
۱,۲۵۶
۸۹
۶
۱۲
۷.۸
۲.۴
۸۴۰
۱۳۹۹/۱۲
۴۵
۱۲,۴۵۰
۴,۲۰۰,۰۰۰
سیمان مازندران
۲۶,۶۵۷
۱۴۰۰/۰۷/۱۳
۱,۲۵۶
۸۹
۶
۱۲
۷.۸
۲.۴
۸۴۰
۱۳۹۹/۱۲
۴۵
۱۲,۴۵۰
۴,۲۰۰,۰۰۰
سیمان دورود
۲۶,۶۵۷
۱۴۰۰/۰۷/۱۳
۱,۲۵۶
۸۹
۶
۱۲
۷.۸
۲.۴
۸۴۰
۱۳۹۹/۱۲
۴۵
۱۲,۴۵۰
۴,۲۰۰,۰۰۰
سیمان هگمتان
۲۶,۶۵۷
۱۴۰۰/۰۷/۱۳
۱,۲۵۶
۸۹
۶
۱۲
۷.۸
۲.۴
۸۴۰
۱۳۹۹/۱۲
۴۵
۱۲,۴۵۰
۴,۲۰۰,۰۰۰
سیمان ارومیه
۲۶,۶۵۷
۱۴۰۰/۰۷/۱۳
۱,۲۵۶
۸۹
۶
۱۲
۷.۸
۲.۴
۸۴۰
۱۳۹۹/۱۲
۴۵
۱۲,۴۵۰
۴,۲۰۰,۰۰۰
سیمان بهبهان
۲۶,۶۵۷
۱۴۰۰/۰۷/۱۳
۱,۲۵۶
۸۹
۶
۱۲
۷.۸
۲.۴
۸۴۰
۱۳۹۹/۱۲
۴۵
۱۲,۴۵۰
۴,۲۰۰,۰۰۰
سیمان کردستان
۲۶,۶۵۷
۱۴۰۰/۰۷/۱۳
۱,۲۵۶
۸۹
۶
۱۲
۷.۸
۲.۴
۸۴۰
۱۳۹۹/۱۲
۴۵
۱۲,۴۵۰
۴,۲۰۰,۰۰۰
سیمان سپاهان
۲۶,۶۵۷
۱۴۰۰/۰۷/۱۳
۱,۲۵۶
۸۹
۶
۱۲
۷.۸
۲.۴
۸۴۰
۱۳۹۹/۱۲
۴۵
۱۲,۴۵۰
۴,۲۰۰,۰۰۰
سیمان تهران
۲۶,۶۵۷
۱۴۰۰/۰۷/۱۳
۱,۲۵۶
۸۹
۶
۱۲
۷.۸
۲.۴
۸۴۰
۱۳۹۹/۱۲
۴۵
۱۲,۴۵۰
۴,۲۰۰,۰۰۰
سیمان شمال
۲۶,۶۵۷
۱۴۰۰/۰۷/۱۳
۱,۲۵۶
۸۹
۶
۱۲
۷.۸
۲.۴
۸۴۰
۱۳۹۹/۱۲
۴۵
۱۲,۴۵۰
۴,۲۰۰,۰۰۰
سیمان ایلام
۲۶,۶۵۷
۱۴۰۰/۰۷/۱۳
۱,۲۵۶
۸۹
۶
۱۲
۷.۸
۲.۴
۸۴۰
۱۳۹۹/۱۲
۴۵
۱۲,۴۵۰
۴,۲۰۰,۰۰۰
سیمان قائن
۲۶,۶۵۷
۱۴۰۰/۰۷/۱۳
۱,۲۵۶
۸۹
۶
۱۲
۷.۸
۲.۴
۸۴۰
۱۳۹۹/۱۲
۴۵
۱۲,۴۵۰
۴,۲۰۰,۰۰۰
سیمان لارستان
۲۶,۶۵۷
۱۴۰۰/۰۷/۱۳
۱,۲۵۶
۸۹
۶
۱۲
۷.۸
۲.۴
۸۴۰
۱۳۹۹/۱۲
۴۵
۱۲,۴۵۰
۴,۲۰۰,۰۰۰
سیمان آبیک
۲۶,۶۵۷
۱۴۰۰/۰۷/۱۳
۱,۲۵۶
۸۹
۶
۱۲
۷.۸
۲.۴
۸۴۰
۱۳۹۹/۱۲
۴۵
۱۲,۴۵۰
۴,۲۰۰,۰۰۰
سیمان ممتازان
۲۶,۶۵۷
۱۴۰۰/۰۷/۱۳
۱,۲۵۶
۸۹
۶
۱۲
۷.۸
۲.۴
۸۴۰
۱۳۹۹/۱۲
۴۵
۱۲,۴۵۰
۴,۲۰۰,۰۰۰
سیمان داراب
۲۶,۶۵۷
۱۴۰۰/۰۷/۱۳
۱,۲۵۶
۸۹
۶
۱۲
۷.۸
۲.۴
۸۴۰
۱۳۹۹/۱۲
۴۵
۱۲,۴۵۰
۴,۲۰۰,۰۰۰
سیمان کارون
۲۶,۶۵۷
۱۴۰۰/۰۷/۱۳
۱,۲۵۶
۸۹
۶
۱۲
۷.۸
۲.۴
۸۴۰
۱۳۹۹/۱۲
۴۵
۱۲,۴۵۰
۴,۲۰۰,۰۰۰
سیمان بجنورد
۲۶,۶۵۷
۱۴۰۰/۰۷/۱۳
۱,۲۵۶
۸۹
۶
۱۲
۷.۸
۲.۴
۸۴۰
۱۳۹۹/۱۲
۴۵
۱۲,۴۵۰
۴,۲۰۰,۰۰۰
سیمان زنجان
۲۶,۶۵۷
۱۴۰۰/۰۷/۱۳
۱,۲۵۶
۸۹
۶
۱۲
۷.۸
۲.۴
۸۴۰
۱۳۹۹/۱۲
۴۵
۱۲,۴۵۰
۴,۲۰۰,۰۰۰
سیمان ساوه
۲۶,۶۵۷
۱۴۰۰/۰۷/۱۳
۱,۲۵۶
۸۹
۶
۱۲
۷.۸
۲.۴
۸۴۰
۱۳۹۹/۱۲
۴۵
۱۲,۴۵۰
۴,۲۰۰,۰۰۰
سیمان نیزار
۲۶,۶۵۷
۱۴۰۰/۰۷/۱۳
۱,۲۵۶
۸۹
۶
۱۲
۷.۸
۲.۴
۸۴۰
۱۳۹۹/۱۲
۴۵
۱۲,۴۵۰
۴,۲۰۰,۰۰۰
سیمان قشم
۲۶,۶۵۷
۱۴۰۰/۰۷/۱۳
۱,۲۵۶
۸۹
۶
۱۲
۷.۸
۲.۴
۸۴۰
۱۳۹۹/۱۲
۴۵
۱۲,۴۵۰
۴,۲۰۰,۰۰۰
سیمان کرمانشاه
۲۶,۶۵۷
۱۴۰۰/۰۷/۱۳
۱,۲۵۶
۸۹
۶
۱۲
۷.۸
۲.۴
۸۴۰
۱۳۹۹/۱۲
۴۵
۱۲,۴۵۰
۴,۲۰۰,۰۰۰
شیمی ایران
۲۶,۶۵۷
۱۴۰۰/۰۷/۱۳
۱,۲۵۶
۸۹
۶
۱۲
۷.۸
۲.۴
۸۴۰
۱۳۹۹/۱۲
۴۵
۱۲,۴۵۰
۴,۲۰۰,۰۰۰
شیمی دارویی
۲۶,۶۵۷
۱۴۰۰/۰۷/۱۳
۱,۲۵۶
۸۹
۶
۱۲
۷.۸
۲.۴
۸۴۰
۱۳۹۹/۱۲
۴۵
۱۲,۴۵۰
۴,۲۰۰,۰۰۰
شهد مروارید
۲۶,۶۵۷
۱۴۰۰/۰۷/۱۳
۱,۲۵۶
۸۹
۶
۱۲
۷.۸
۲.۴
۸۴۰
۱۳۹۹/۱۲
۴۵
۱۲,۴۵۰
۴,۲۰۰,۰۰۰
شیر تهران
۲۶,۶۵۷
۱۴۰۰/۰۷/۱۳
۱,۲۵۶
۸۹
۶
۱۲
۷.۸
۲.۴
۸۴۰
۱۳۹۹/۱۲
۴۵
۱۲,۴۵۰
۴,۲۰۰,۰۰۰
صنعتی زر
۲۶,۶۵۷
۱۴۰۰/۰۷/۱۳
۱,۲۵۶
۸۹
۶
۱۲
۷.۸
۲.۴
۸۴۰
۱۳۹۹/۱۲
۴۵
۱۲,۴۵۰
۴,۲۰۰,۰۰۰
صنعتی بهشهر
۲۶,۶۵۷
۱۴۰۰/۰۷/۱۳
۱,۲۵۶
۸۹
۶
۱۲
۷.۸
۲.۴
۸۴۰
۱۳۹۹/۱۲
۴۵
۱۲,۴۵۰
۴,۲۰۰,۰۰۰
صنایع فارس
۲۶,۶۵۷
۱۴۰۰/۰۷/۱۳
۱,۲۵۶
۸۹
۶
۱۲
۷.۸
۲.۴
۸۴۰
۱۳۹۹/۱۲
۴۵
۱۲,۴۵۰
۴,۲۰۰,۰۰۰
صنایع پارس
۲۶,۶۵۷
۱۴۰۰/۰۷/۱۳
۱,۲۵۶
۸۹
۶
۱۲
۷.۸
۲.۴
۸۴۰
۱۳۹۹/۱۲
۴۵
۱۲,۴۵۰
۴,۲۰۰,۰۰۰
صنایع پاکشوما
۲۶,۶۵۷
۱۴۰۰/۰۷/۱۳
۱,۲۵۶
۸۹
۶
۱۲
۷.۸
۲.۴
۸۴۰
۱۳۹۹/۱۲
۴۵
۱۲,۴۵۰
۴,۲۰۰,۰۰۰
صنایع سپهر
۲۶,۶۵۷
۱۴۰۰/۰۷/۱۳
۱,۲۵۶
۸۹
۶
۱۲
۷.۸
۲.۴
۸۴۰
۱۳۹۹/۱۲
۴۵
۱۲,۴۵۰
۴,۲۰۰,۰۰۰
صنایع کاوه
۲۶,۶۵۷
۱۴۰۰/۰۷/۱۳
۱,۲۵۶
۸۹
۶
۱۲
۷.۸
۲.۴
۸۴۰
۱۳۹۹/۱۲
۴۵
۱۲,۴۵۰
۴,۲۰۰,۰۰۰
صنایع آما
۲۶,۶۵۷
۱۴۰۰/۰۷/۱۳
۱,۲۵۶
۸۹
۶
۱۲
۷.۸
۲.۴
۸۴۰
۱۳۹۹/۱۲
۴۵
۱۲,۴۵۰
۴,۲۰۰,۰۰۰
صنایع ارج
۲۶,۶۵۷
۱۴۰۰/۰۷/۱۳
۱,۲۵۶
۸۹
۶
۱۲
۷.۸
۲.۴
۸۴۰
۱۳۹۹/۱۲
۴۵
۱۲,۴۵۰
۴,۲۰۰,۰۰۰
صنایع مهندسی
۲۶,۶۵۷
۱۴۰۰/۰۷/۱۳
۱,۲۵۶
۸۹
۶
۱۲
۷.۸
۲.۴
۸۴۰
۱۳۹۹/۱۲
۴۵
۱۲,۴۵۰
۴,۲۰۰,۰۰۰
صنایع پتروشیمی
۲۶,۶۵۷
۱۴۰۰/۰۷/۱۳
۱,۲۵۶
۸۹
۶
۱۲
۷.۸
۲.۴
۸۴۰
۱۳۹۹/۱۲
۴۵
۱۲,۴۵۰
۴,۲۰۰,۰۰۰
صنایع سیمرغ
۲۶,۶۵۷
۱۴۰۰/۰۷/۱۳
۱,۲۵۶
۸۹
۶
۱۲
۷.۸
۲.۴
۸۴۰
۱۳۹۹/۱۲
۴۵
۱۲,۴۵۰
۴,۲۰۰,۰۰۰
صنایع خاک چینی
۲۶,۶۵۷
۱۴۰۰/۰۷/۱۳
۱,۲۵۶
۸۹
۶
۱۲
۷.۸
۲.۴
۸۴۰
۱۳۹۹/۱۲
۴۵
۱۲,۴۵۰
۴,۲۰۰,۰۰۰
صنایع دریایی
۲۶,۶۵۷
۱۴۰۰/۰۷/۱۳
۱,۲۵۶
۸۹
۶
۱۲
۷.۸
۲.۴
۸۴۰
۱۳۹۹/۱۲
۴۵
۱۲,۴۵۰
۴,۲۰۰,۰۰۰
صنایع مس شهید
۲۶,۶۵۷
۱۴۰۰/۰۷/۱۳
۱,۲۵۶
۸۹
۶
۱۲
۷.۸
۲.۴
۸۴۰
۱۳۹۹/۱۲
۴۵
۱۲,۴۵۰
۴,۲۰۰,۰۰۰
صنایع نورد
۲۶,۶۵۷
۱۴۰۰/۰۷/۱۳
۱,۲۵۶
۸۹
۶
۱۲
۷.۸
۲.۴
۸۴۰
۱۳۹۹/۱۲
۴۵
۱۲,۴۵۰
۴,۲۰۰,۰۰۰
صنایع لوازم
۲۶,۶۵۷
۱۴۰۰/۰۷/۱۳
۱,۲۵۶
۸۹
۶
۱۲
۷.۸
۲.۴
۸۴۰
۱۳۹۹/۱۲
۴۵
۱۲,۴۵۰
۴,۲۰۰,۰۰۰
صنایع الکترونیک
۲۶,۶۵۷
۱۴۰۰/۰۷/۱۳
۱,۲۵۶
۸۹
۶
۱۲
۷.۸
۲.۴
۸۴۰
۱۳۹۹/۱۲
۴۵
۱۲,۴۵۰
۴,۲۰۰,۰۰۰
صنعتی آما
۲۶,۶۵۷
۱۴۰۰/۰۷/۱۳
۱,۲۵۶
۸۹
۶
۱۲
۷.۸
۲.۴
۸۴۰
۱۳۹۹/۱۲
۴۵
۱۲,۴۵۰
۴,۲۰۰,۰۰۰
صنعتی مینو
۲۶,۶۵۷
۱۴۰۰/۰۷/۱۳
۱,۲۵۶
۸۹
۶
۱۲
۷.۸
۲.۴
۸۴۰
۱۳۹۹/۱۲
۴۵
۱۲,۴۵۰
۴,۲۰۰,۰۰۰
صنعتی دوده
۲۶,۶۵۷
۱۴۰۰/۰۷/۱۳
۱,۲۵۶
۸۹
۶
۱۲
۷.۸
۲.۴
۸۴۰
۱۳۹۹/۱۲
۴۵
۱۲,۴۵۰
۴,۲۰۰,۰۰۰
صنعتی اتکا
۲۶,۶۵۷
۱۴۰۰/۰۷/۱۳
۱,۲۵۶
۸۹
۶
۱۲
۷.۸
۲.۴
۸۴۰
۱۳۹۹/۱۲
۴۵
۱۲,۴۵۰
۴,۲۰۰,۰۰۰
صنعتی بارز
۲۶,۶۵۷
۱۴۰۰/۰۷/۱۳
۱,۲۵۶
۸۹
۶
۱۲
۷.۸
۲.۴
۸۴۰
۱۳۹۹/۱۲
۴۵
۱۲,۴۵۰
۴,۲۰۰,۰۰۰
صنعتی پارسیان
۲۶,۶۵۷
۱۴۰۰/۰۷/۱۳
۱,۲۵۶
۸۹
۶
۱۲
۷.۸
۲.۴
۸۴۰
۱۳۹۹/۱۲
۴۵
۱۲,۴۵۰
۴,۲۰۰,۰۰۰
صنعتی ناب
۲۶,۶۵۷
۱۴۰۰/۰۷/۱۳
۱,۲۵۶
۸۹
۶
۱۲
۷.۸
۲.۴
۸۴۰
۱۳۹۹/۱۲
۴۵
۱۲,۴۵۰
۴,۲۰۰,۰۰۰
صنعتی کوثر
۲۶,۶۵۷
۱۴۰۰/۰۷/۱۳
۱,۲۵۶
۸۹
۶
۱۲
۷.۸
۲.۴
۸۴۰
۱۳۹۹/۱۲
۴۵
۱۲,۴۵۰
۴,۲۰۰,۰۰۰
صنعتی سپاهان
۲۶,۶۵۷
۱۴۰۰/۰۷/۱۳
۱,۲۵۶
۸۹
۶
۱۲
۷.۸
۲.۴
۸۴۰
۱۳۹۹/۱۲
۴۵
۱۲,۴۵۰
۴,۲۰۰,۰۰۰
صنعتی زاگرس
۲۶,۶۵۷
۱۴۰۰/۰۷/۱۳
۱,۲۵۶
۸۹
۶
۱۲
۷.۸
۲.۴
۸۴۰
۱۳۹۹/۱۲
۴۵
۱۲,۴۵۰
۴,۲۰۰,۰۰۰
صنعتی کاسپین
۲۶,۶۵۷
۱۴۰۰/۰۷/۱۳
۱,۲۵۶
۸۹
۶
۱۲
۷.۸
۲.۴
۸۴۰
۱۳۹۹/۱۲
۴۵
۱۲,۴۵۰
۴,۲۰۰,۰۰۰
صنعتی توس
۲۶,۶۵۷
۱۴۰۰/۰۷/۱۳
۱,۲۵۶
۸۹
۶
۱۲
۷.۸
۲.۴
۸۴۰
۱۳۹۹/۱۲
۴۵
۱۲,۴۵۰
۴,۲۰۰,۰۰۰
صنعتی البرز
۲۶,۶۵۷
۱۴۰۰/۰۷/۱۳
۱,۲۵۶
۸۹
۶
۱۲
۷.۸
۲.۴
۸۴۰
۱۳۹۹/۱۲
۴۵
۱۲,۴۵۰
۴,۲۰۰,۰۰۰
صنعتی آریا
۲۶,۶۵۷
۱۴۰۰/۰۷/۱۳
۱,۲۵۶
۸۹
۶
۱۲
۷.۸
۲.۴
۸۴۰
۱۳۹۹/۱۲
۴۵
۱۲,۴۵۰
۴,۲۰۰,۰۰۰
فولاد آلیاژی
۲۶,۶۵۷
۱۴۰۰/۰۷/۱۳
۱,۲۵۶
۸۹
۶
۱۲
۷.۸
۲.۴
۸۴۰
۱۳۹۹/۱۲
۴۵
۱۲,۴۵۰
۴,۲۰۰,۰۰۰
فولاد کاوه
۲۶,۶۵۷
۱۴۰۰/۰۷/۱۳
۱,۲۵۶
۸۹
۶
۱۲
۷.۸
۲.۴
۸۴۰
۱۳۹۹/۱۲
۴۵
۱۲,۴۵۰
۴,۲۰۰,۰۰۰
فولاد هرمزگان
۲۶,۶۵۷
۱۴۰۰/۰۷/۱۳
۱,۲۵۶
۸۹
۶
۱۲
۷.۸
۲.۴
۸۴۰
۱۳۹۹/۱۲
۴۵
۱۲,۴۵۰
۴,۲۰۰,۰۰۰
فولاد امیرکبیر
۲۶,۶۵۷
۱۴۰۰/۰۷/۱۳
۱,۲۵۶
۸۹
۶
۱۲
۷.۸
۲.۴
۸۴۰
۱۳۹۹/۱۲
۴۵
۱۲,۴۵۰
۴,۲۰۰,۰۰۰
فولاد ارفع
۲۶,۶۵۷
۱۴۰۰/۰۷/۱۳
۱,۲۵۶
۸۹
۶
۱۲
۷.۸
۲.۴
۸۴۰
۱۳۹۹/۱۲
۴۵
۱۲,۴۵۰
۴,۲۰۰,۰۰۰
فولاد سیرجان
۲۶,۶۵۷
۱۴۰۰/۰۷/۱۳
۱,۲۵۶
۸۹
۶
۱۲
۷.۸
۲.۴
۸۴۰
۱۳۹۹/۱۲
۴۵
۱۲,۴۵۰
۴,۲۰۰,۰۰۰
فولاد شاهرود
۲۶,۶۵۷
۱۴۰۰/۰۷/۱۳
۱,۲۵۶
۸۹
۶
۱۲
۷.۸
۲.۴
۸۴۰
۱۳۹۹/۱۲
۴۵
۱۲,۴۵۰
۴,۲۰۰,۰۰۰
فولاد تکنیک
۲۶,۶۵۷
۱۴۰۰/۰۷/۱۳
۱,۲۵۶
۸۹
۶
۱۲
۷.۸
۲.۴
۸۴۰
۱۳۹۹/۱۲
۴۵
۱۲,۴۵۰
۴,۲۰۰,۰۰۰
فولاد آذربایجان
۲۶,۶۵۷
۱۴۰۰/۰۷/۱۳
۱,۲۵۶
۸۹
۶
۱۲
۷.۸
۲.۴
۸۴۰
۱۳۹۹/۱۲
۴۵
۱۲,۴۵۰
۴,۲۰۰,۰۰۰
فولاد یزد
۲۶,۶۵۷
۱۴۰۰/۰۷/۱۳
۱,۲۵۶
۸۹
۶
۱۲
۷.۸
۲.۴
۸۴۰
۱۳۹۹/۱۲
۴۵
۱۲,۴۵۰
۴,۲۰۰,۰۰۰
معدنی کیمیا
۲۶,۶۵۷
۱۴۰۰/۰۷/۱۳
۱,۲۵۶
۸۹
۶
۱۲
۷.۸
۲.۴
۸۴۰
۱۳۹۹/۱۲
۴۵
۱۲,۴۵۰
۴,۲۰۰,۰۰۰
معدنی زغال
۲۶,۶۵۷
۱۴۰۰/۰۷/۱۳
۱,۲۵۶
۸۹
۶
۱۲
۷.۸
۲.۴
۸۴۰
۱۳۹۹/۱۲
۴۵
۱۲,۴۵۰
۴,۲۰۰,۰۰۰
معدنی گل گهر
۲۶,۶۵۷
۱۴۰۰/۰۷/۱۳
۱,۲۵۶
۸۹
۶
۱۲
۷.۸
۲.۴
۸۴۰
۱۳۹۹/۱۲
۴۵
۱۲,۴۵۰
۴,۲۰۰,۰۰۰
معدنی چادرملو
۲۶,۶۵۷
۱۴۰۰/۰۷/۱۳
۱,۲۵۶
۸۹
۶
۱۲
۷.۸
۲.۴
۸۴۰
۱۳۹۹/۱۲
۴۵
۱۲,۴۵۰
۴,۲۰۰,۰۰۰
معدنی سنگ آهن
۲۶,۶۵۷
۱۴۰۰/۰۷/۱۳
۱,۲۵۶
۸۹
۶
۱۲
۷.۸
۲.۴
۸۴۰
۱۳۹۹/۱۲
۴۵
۱۲,۴۵۰
۴,۲۰۰,۰۰۰
معدنی روی
۲۶,۶۵۷
۱۴۰۰/۰۷/۱۳
۱,۲۵۶
۸۹
۶
۱۲
۷.۸
۲.۴
۸۴۰
۱۳۹۹/۱۲
۴۵
۱۲,۴۵۰
۴,۲۰۰,۰۰۰
معدنی سرب
۲۶,۶۵۷
۱۴۰۰/۰۷/۱۳
۱,۲۵۶
۸۹
۶
۱۲
۷.۸
۲.۴
۸۴۰
۱۳۹۹/۱۲
۴۵
۱۲,۴۵۰
۴,۲۰۰,۰۰۰
معدنی طلا
۲۶,۶۵۷
۱۴۰۰/۰۷/۱۳
۱,۲۵۶
۸۹
۶
۱۲
۷.۸
۲.۴
۸۴۰
۱۳۹۹/۱۲
۴۵
۱۲,۴۵۰
۴,۲۰۰,۰۰۰
معدنی مس
۲۶,۶۵۷
۱۴۰۰/۰۷/۱۳
۱,۲۵۶
۸۹
۶
۱۲
۷.۸
۲.۴
۸۴۰
۱۳۹۹/۱۲
۴۵
۱۲,۴۵۰
۴,۲۰۰,۰۰۰
معدنی باما
۲۶,۶۵۷
۱۴۰۰/۰۷/۱۳
۱,۲۵۶
۸۹
۶
۱۲
۷.۸
۲.۴
۸۴۰
۱۳۹۹/۱۲
۴۵
۱۲,۴۵۰
۴,۲۰۰,۰۰۰
کشتیرانی خزر
۲۶,۶۵۷
۱۴۰۰/۰۷/۱۳
۱,۲۵۶
۸۹
۶
۱۲
۷.۸
۲.۴
۸۴۰
۱۳۹۹/۱۲
۴۵
۱۲,۴۵۰
۴,۲۰۰,۰۰۰
کشتیرانی دریا
۲۶,۶۵۷
۱۴۰۰/۰۷/۱۳
۱,۲۵۶
۸۹
۶
۱۲
۷.۸
۲.۴
۸۴۰
۱۳۹۹/۱۲
۴۵
۱۲,۴۵۰
۴,۲۰۰,۰۰۰
لیزینگ ایران
۲۶,۶۵۷
۱۴۰۰/۰۷/۱۳
۱,۲۵۶
۸۹
۶
۱۲
۷.۸
۲.۴
۸۴۰
۱۳۹۹/۱۲
۴۵
۱۲,۴۵۰
۴,۲۰۰,۰۰۰
لیزینگ پارس
۲۶,۶۵۷
۱۴۰۰/۰۷/۱۳
۱,۲۵۶
۸۹
۶
۱۲
۷.۸
۲.۴
۸۴۰
۱۳۹۹/۱۲
۴۵
۱۲,۴۵۰
۴,۲۰۰,۰۰۰
لیزینگ رایان
۲۶,۶۵۷
۱۴۰۰/۰۷/۱۳
۱,۲۵۶
۸۹
۶
۱۲
۷.۸
۲.۴
۸۴۰
۱۳۹۹/۱۲
۴۵
۱۲,۴۵۰
۴,۲۰۰,۰۰۰
تامین سرمایه
۲۶,۶۵۷
۱۴۰۰/۰۷/۱۳
۱,۲۵۶
۸۹
۶
۱۲
۷.۸
۲.۴
۸۴۰
۱۳۹۹/۱۲
۴۵
۱۲,۴۵۰
۴,۲۰۰,۰۰۰
کارگزاری بانک
۲۶,۶۵۷
۱۴۰۰/۰۷/۱۳
۱,۲۵۶
۸۹
۶
۱۲
۷.۸
۲.۴
۸۴۰
۱۳۹۹/۱۲
۴۵
۱۲,۴۵۰
۴,۲۰۰,۰۰۰
بیمه ملت
۲۶,۶۵۷
۱۴۰۰/۰۷/۱۳
۱,۲۵۶
۸۹
۶
۱۲
۷.۸
۲.۴
۸۴۰
۱۳۹۹/۱۲
۴۵
۱۲,۴۵۰
۴,۲۰۰,۰۰۰
بیمه آسیا
۲۶,۶۵۷
۱۴۰۰/۰۷/۱۳
۱,۲۵۶
۸۹
۶
۱۲
۷.۸
۲.۴
۸۴۰
۱۳۹۹/۱۲
۴۵
۱۲,۴۵۰
۴,۲۰۰,۰۰۰
بیمه پارسیان
۲۶,۶۵۷
۱۴۰۰/۰۷/۱۳
۱,۲۵۶
۸۹
۶
۱۲
۷.۸
۲.۴
۸۴۰
۱۳۹۹/۱۲
۴۵
۱۲,۴۵۰
۴,۲۰۰,۰۰۰
بیمه کوثر
۲۶,۶۵۷
۱۴۰۰/۰۷/۱۳
۱,۲۵۶
۸۹
۶
۱۲
۷.۸
۲.۴
۸۴۰
۱۳۹۹/۱۲
۴۵
۱۲,۴۵۰
۴,۲۰۰,۰۰۰
بیمه سینا
۲۶,۶۵۷
۱۴۰۰/۰۷/۱۳
۱,۲۵۶
۸۹
۶
۱۲
۷.۸
۲.۴
۸۴۰
۱۳۹۹/۱۲
۴۵
۱۲,۴۵۰
۴,۲۰۰,۰۰۰
بیمه نوین
۲۶,۶۵۷
۱۴۰۰/۰۷/۱۳
۱,۲۵۶
۸۹
۶
۱۲
۷.۸
۲.۴
۸۴۰
۱۳۹۹/۱۲
۴۵
۱۲,۴۵۰
۴,۲۰۰,۰۰۰
بیمه رازی
۲۶,۶۵۷
۱۴۰۰/۰۷/۱۳
۱,۲۵۶
۸۹
۶
۱۲
۷.۸
۲.۴
۸۴۰
۱۳۹۹/۱۲
۴۵
۱۲,۴۵۰
۴,۲۰۰,۰۰۰
بیمه معلم
۲۶,۶۵۷
۱۴۰۰/۰۷/۱۳
۱,۲۵۶
۸۹
۶
۱۲
۷.۸
۲.۴
۸۴۰
۱۳۹۹/۱۲
۴۵
۱۲,۴۵۰
۴,۲۰۰,۰۰۰
بانک اقتصاد
۲۶,۶۵۷
۱۴۰۰/۰۷/۱۳
۱,۲۵۶
۸۹
۶
۱۲
۷.۸
۲.۴
۸۴۰
۱۳۹۹/۱۲
۴۵
۱۲,۴۵۰
۴,۲۰۰,۰۰۰
بانک سینا
۲۶,۶۵۷
۱۴۰۰/۰۷/۱۳
۱,۲۵۶
۸۹
۶
۱۲
۷.۸
۲.۴
۸۴۰
۱۳۹۹/۱۲
۴۵
۱۲,۴۵۰
۴,۲۰۰,۰۰۰
بانک کارآفرین
۲۶,۶۵۷
۱۴۰۰/۰۷/۱۳
۱,۲۵۶
۸۹
۶
۱۲
۷.۸
۲.۴
۸۴۰
۱۳۹۹/۱۲
۴۵
۱۲,۴۵۰
۴,۲۰۰,۰۰۰
بانک خاورمیانه
۲۶,۶۵۷
۱۴۰۰/۰۷/۱۳
۱,۲۵۶
۸۹
۶
۱۲
۷.۸
۲.۴
۸۴۰
۱۳۹۹/۱۲
۴۵
۱۲,۴۵۰
۴,۲۰۰,۰۰۰
بانک دی
۲۶,۶۵۷
۱۴۰۰/۰۷/۱۳
۱,۲۵۶
۸۹
۶
۱۲
۷.۸
۲.۴
۸۴۰
۱۳۹۹/۱۲
۴۵
۱۲,۴۵۰
۴,۲۰۰,۰۰۰
بانک انصار
۲۶,۶۵۷
۱۴۰۰/۰۷/۱۳
۱,۲۵۶
۸۹
۶
۱۲
۷.۸
۲.۴
۸۴۰
۱۳۹۹/۱۲
۴۵
۱۲,۴۵۰
۴,۲۰۰,۰۰۰
بانک سامان
۲۶,۶۵۷
۱۴۰۰/۰۷/۱۳
۱,۲۵۶
۸۹
۶
۱۲
۷.۸
۲.۴
۸۴۰
۱۳۹۹/۱۲
۴۵
۱۲,۴۵۰
۴,۲۰۰,۰۰۰
بانک آینده
۲۶,۶۵۷
۱۴۰۰/۰۷/۱۳
۱,۲۵۶
۸۹
۶
۱۲
۷.۸
۲.۴
۸۴۰
۱۳۹۹/۱۲
۴۵
۱۲,۴۵۰
۴,۲۰۰,۰۰۰
بانک گردشگری
۲۶,۶۵۷
۱۴۰۰/۰۷/۱۳
۱,۲۵۶
۸۹
۶
۱۲
۷.۸
۲.۴
۸۴۰
۱۳۹۹/۱۲
۴۵
۱۲,۴۵۰
۴,۲۰۰,۰۰۰
بانک شهر
۲۶,۶۵۷
۱۴۰۰/۰۷/۱۳
۱,۲۵۶
۸۹
۶
۱۲
۷.۸
۲.۴
۸۴۰
۱۳۹۹/۱۲
۴۵
۱۲,۴۵۰
۴,۲۰۰,۰۰۰
پالایش لاوان
۲۶,۶۵۷
۱۴۰۰/۰۷/۱۳
۱,۲۵۶
۸۹
۶
۱۲
۷.۸
۲.۴
۸۴۰
۱۳۹۹/۱۲
۴۵
۱۲,۴۵۰
۴,۲۰۰,۰۰۰
پالایش تبریز
۲۶,۶۵۷
۱۴۰۰/۰۷/۱۳
۱,۲۵۶
۸۹
۶
۱۲
۷.۸
۲.۴
۸۴۰
۱۳۹۹/۱۲
۴۵
۱۲,۴۵۰
۴,۲۰۰,۰۰۰
پتروشیمی خارک
۲۶,۶۵۷
۱۴۰۰/۰۷/۱۳
۱,۲۵۶
۸۹
۶
۱۲
۷.۸
۲.۴
۸۴۰
۱۳۹۹/۱۲
۴۵
۱۲,۴۵۰
۴,۲۰۰,۰۰۰
پتروشیمی فن آوران
۲۶,۶۵۷
۱۴۰۰/۰۷/۱۳
۱,۲۵۶
۸۹
۶
۱۲
۷.۸
۲.۴
۸۴۰
۱۳۹۹/۱۲
۴۵
۱۲,۴۵۰
۴,۲۰۰,۰۰۰
پتروشیمی زاگرس
۲۶,۶۵۷
۱۴۰۰/۰۷/۱۳
۱,۲۵۶
۸۹
۶
۱۲
۷.۸
۲.۴
۸۴۰
۱۳۹۹/۱۲
۴۵
۱۲,۴۵۰
۴,۲۰۰,۰۰۰
پتروشیمی شیراز
۲۶,۶۵۷
۱۴۰۰/۰۷/۱۳
۱,۲۵۶
۸۹
۶
۱۲
۷.۸
۲.۴
۸۴۰
۱۳۹۹/۱۲
۴۵
۱۲,۴۵۰
۴,۲۰۰,۰۰۰
پتروشیمی خراسان
۲۶,۶۵۷
۱۴۰۰/۰۷/۱۳
۱,۲۵۶
۸۹
۶
۱۲
۷.۸
۲.۴
۸۴۰
۱۳۹۹/۱۲
۴۵
۱۲,۴۵۰
۴,۲۰۰,۰۰۰
پتروشیمی کرمانشاه
۲۶,۶۵۷
۱۴۰۰/۰۷/۱۳
۱,۲۵۶
۸۹
۶
۱۲
۷.۸
۲.۴
۸۴۰
۱۳۹۹/۱۲
۴۵
۱۲,۴۵۰
۴,۲۰۰,۰۰۰
پتروشیمی مارون
۲۶,۶۵۷
۱۴۰۰/۰۷/۱۳
۱,۲۵۶
۸۹
۶
۱۲
۷.۸
۲.۴
۸۴۰
۱۳۹۹/۱۲
۴۵
۱۲,۴۵۰
۴,۲۰۰,۰۰۰
پتروشیمی تبریز
۲۶,۶۵۷
۱۴۰۰/۰۷/۱۳
۱,۲۵۶
۸۹
۶
۱۲
۷.۸
۲.۴
۸۴۰
۱۳۹۹/۱۲
۴۵
۱۲,۴۵۰
۴,۲۰۰,۰۰۰
پتروشیمی آبادان
۲۶,۶۵۷
۱۴۰۰/۰۷/۱۳
۱,۲۵۶
۸۹
۶
۱۲
۷.۸
۲.۴
۸۴۰
۱۳۹۹/۱۲
۴۵
۱۲,۴۵۰
۴,۲۰۰,۰۰۰
پتروشیمی غدیر
۲۶,۶۵۷
۱۴۰۰/۰۷/۱۳
۱,۲۵۶
۸۹
۶
۱۲
۷.۸
۲.۴
۸۴۰
۱۳۹۹/۱۲
۴۵
۱۲,۴۵۰
۴,۲۰۰,۰۰۰
پتروشیمی امیرکبیر
۲۶,۶۵۷
۱۴۰۰/۰۷/۱۳
۱,۲۵۶
۸۹
۶
۱۲
۷.۸
۲.۴
۸۴۰
۱۳۹۹/۱۲
۴۵
۱۲,۴۵۰
۴,۲۰۰,۰۰۰
پتروشیمی بوعلی
۲۶,۶۵۷
۱۴۰۰/۰۷/۱۳
۱,۲۵۶
۸۹
۶
۱۲
۷.۸
۲.۴
۸۴۰
۱۳۹۹/۱۲
۴۵
۱۲,۴۵۰
۴,۲۰۰,۰۰۰
پتروشیمی اصفهان
۲۶,۶۵۷
۱۴۰۰/۰۷/۱۳
۱,۲۵۶
۸۹
۶
۱۲
۷.۸
۲.۴
۸۴۰
۱۳۹۹/۱۲
۴۵
۱۲,۴۵۰
۴,۲۰۰,۰۰۰
پتروشیمی پارس
۲۶,۶۵۷
۱۴۰۰/۰۷/۱۳
۱,۲۵۶
۸۹
۶
۱۲
۷.۸
۲.۴
۸۴۰
۱۳۹۹/۱۲
۴۵
۱۲,۴۵۰
۴,۲۰۰,۰۰۰
